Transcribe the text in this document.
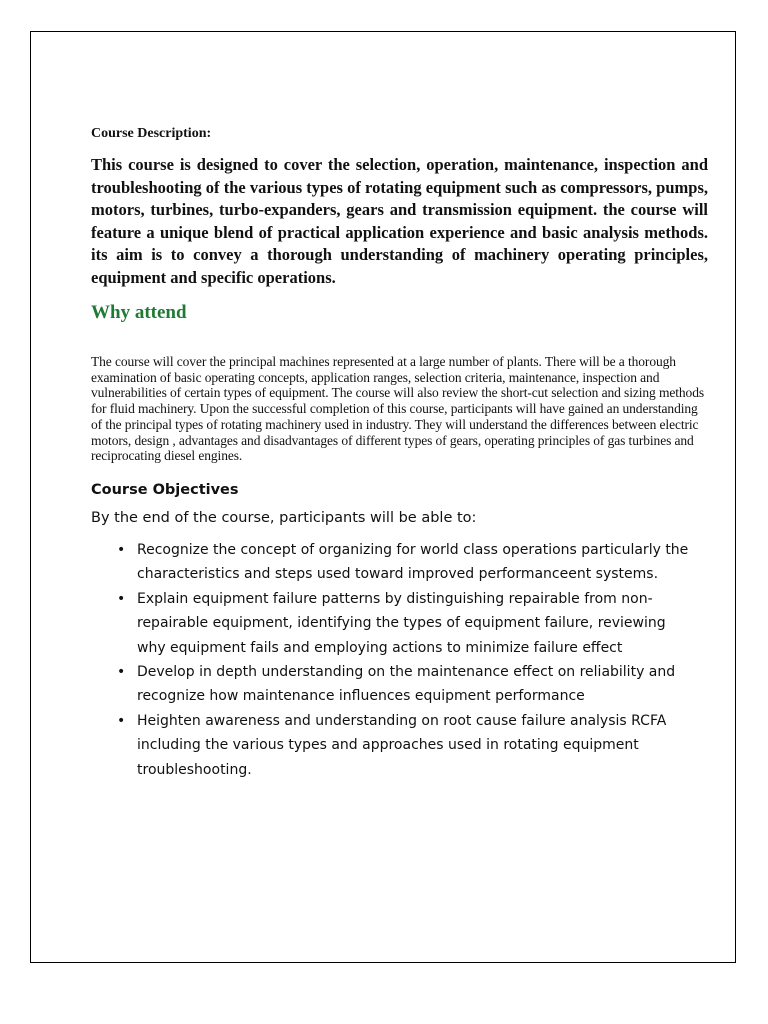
Course Description:

This course is designed to cover the selection, operation, maintenance, inspection and troubleshooting of the various types of rotating equipment such as compressors, pumps, motors, turbines, turbo-expanders, gears and transmission equipment. the course will feature a unique blend of practical application experience and basic analysis methods. its aim is to convey a thorough understanding of machinery operating principles, equipment and specific operations.

Why attend

The course will cover the principal machines represented at a large number of plants. There will be a thorough examination of basic operating concepts, application ranges, selection criteria, maintenance, inspection and vulnerabilities of certain types of equipment. The course will also review the short-cut selection and sizing methods for fluid machinery. Upon the successful completion of this course, participants will have gained an understanding of the principal types of rotating machinery used in industry. They will understand the differences between electric motors, design , advantages and disadvantages of different types of gears, operating principles of gas turbines and reciprocating diesel engines.

Course Objectives

By the end of the course, participants will be able to:

• Recognize the concept of organizing for world class operations particularly the characteristics and steps used toward improved performanceent systems.
• Explain equipment failure patterns by distinguishing repairable from non-repairable equipment, identifying the types of equipment failure, reviewing why equipment fails and employing actions to minimize failure effect
• Develop in depth understanding on the maintenance effect on reliability and recognize how maintenance influences equipment performance
• Heighten awareness and understanding on root cause failure analysis RCFA including the various types and approaches used in rotating equipment troubleshooting.
